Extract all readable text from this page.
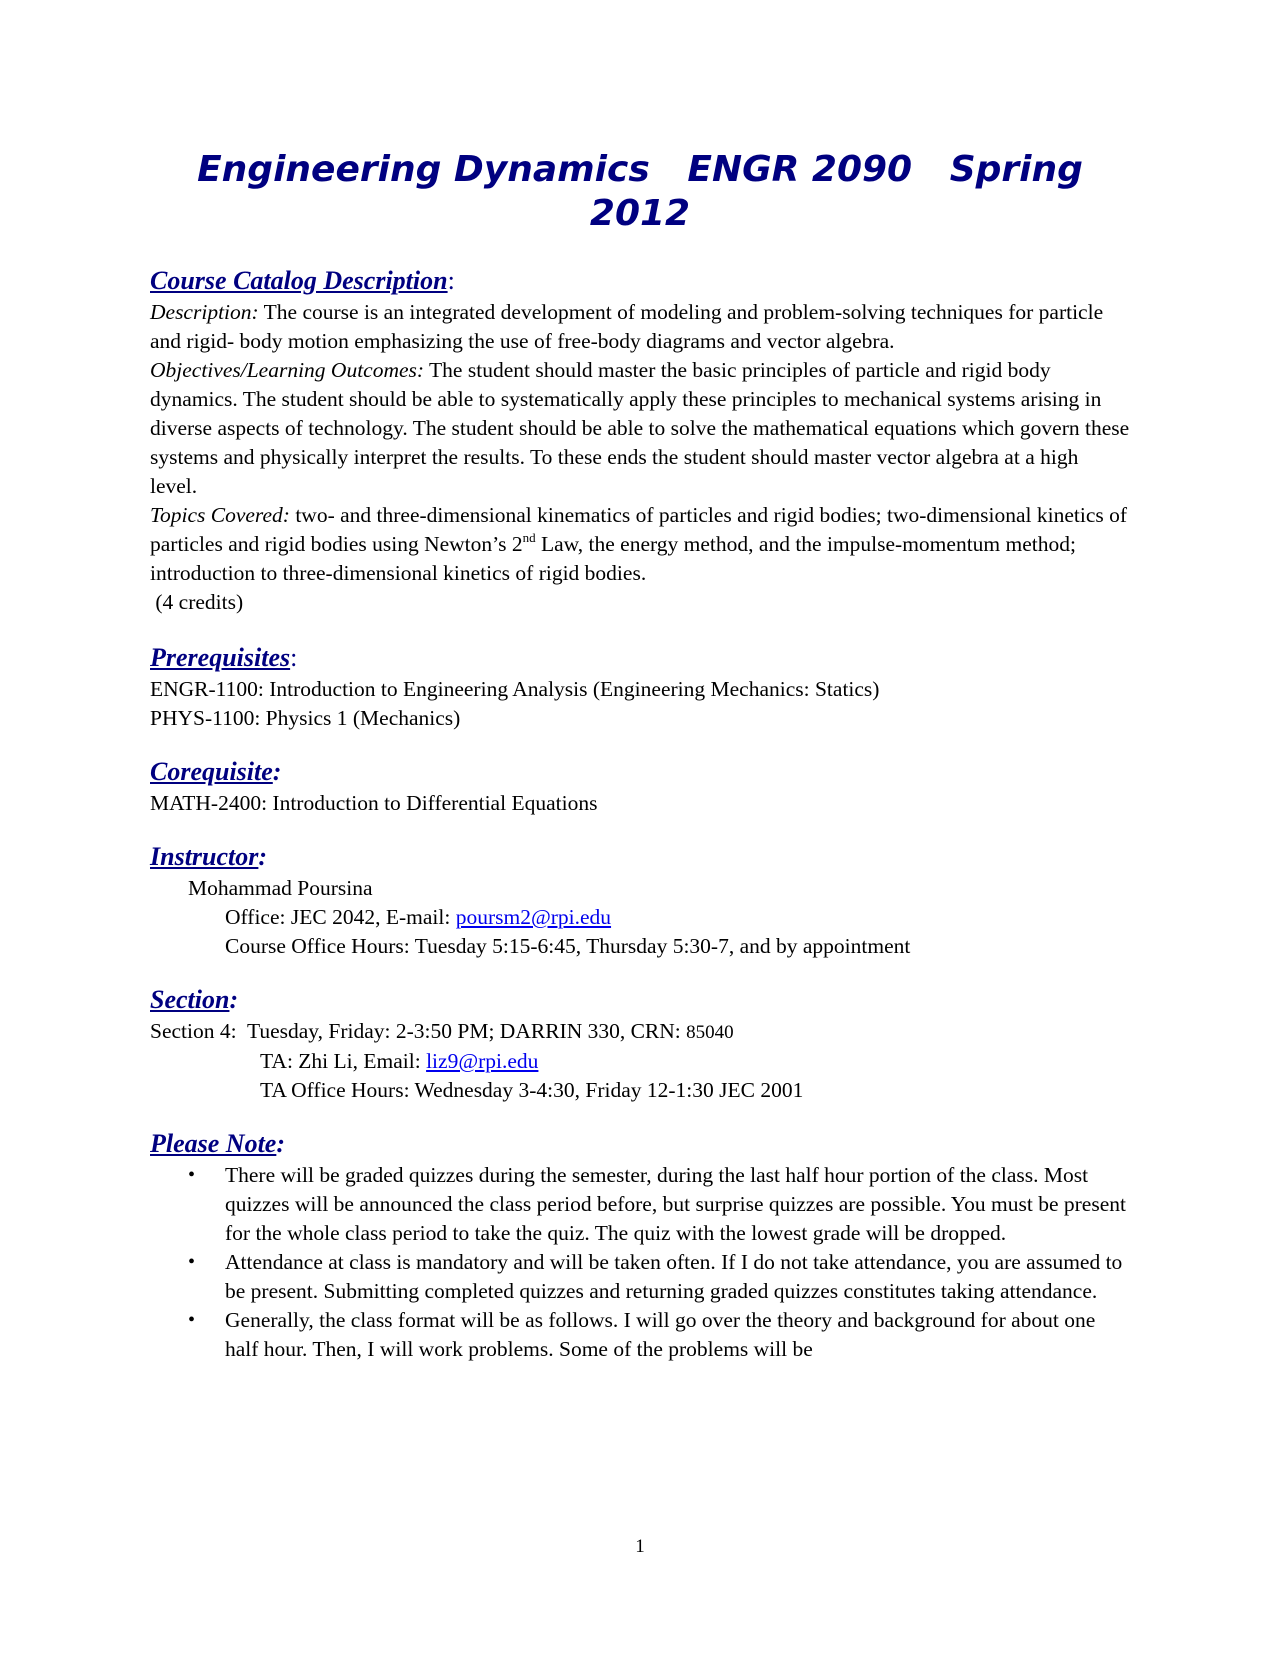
Engineering Dynamics   ENGR 2090   Spring 2012

Course Catalog Description:

Description: The course is an integrated development of modeling and problem-solving techniques for particle and rigid- body motion emphasizing the use of free-body diagrams and vector algebra.

Objectives/Learning Outcomes: The student should master the basic principles of particle and rigid body dynamics. The student should be able to systematically apply these principles to mechanical systems arising in diverse aspects of technology. The student should be able to solve the mathematical equations which govern these systems and physically interpret the results. To these ends the student should master vector algebra at a high level.

Topics Covered: two- and three-dimensional kinematics of particles and rigid bodies; two-dimensional kinetics of particles and rigid bodies using Newton’s 2nd Law, the energy method, and the impulse-momentum method; introduction to three-dimensional kinetics of rigid bodies.

(4 credits)

Prerequisites:

ENGR-1100: Introduction to Engineering Analysis (Engineering Mechanics: Statics)

PHYS-1100: Physics 1 (Mechanics)

Corequisite:

MATH-2400: Introduction to Differential Equations

Instructor:

Mohammad Poursina

Office: JEC 2042, E-mail: poursm2@rpi.edu

Course Office Hours: Tuesday 5:15-6:45, Thursday 5:30-7, and by appointment

Section:

Section 4:  Tuesday, Friday: 2-3:50 PM; DARRIN 330, CRN: 85040

TA: Zhi Li, Email: liz9@rpi.edu

TA Office Hours: Wednesday 3-4:30, Friday 12-1:30 JEC 2001

Please Note:

• There will be graded quizzes during the semester, during the last half hour portion of the class. Most quizzes will be announced the class period before, but surprise quizzes are possible. You must be present for the whole class period to take the quiz. The quiz with the lowest grade will be dropped.
• Attendance at class is mandatory and will be taken often. If I do not take attendance, you are assumed to be present. Submitting completed quizzes and returning graded quizzes constitutes taking attendance.
• Generally, the class format will be as follows. I will go over the theory and background for about one half hour. Then, I will work problems. Some of the problems will be
1
